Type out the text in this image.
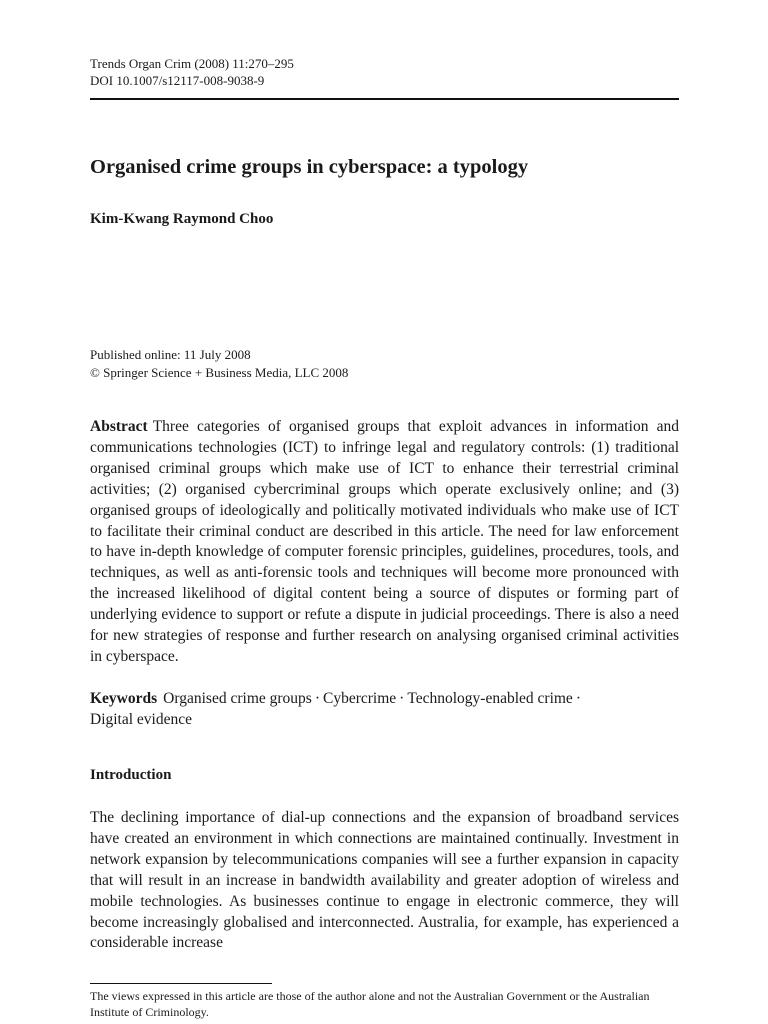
Trends Organ Crim (2008) 11:270–295
DOI 10.1007/s12117-008-9038-9
Organised crime groups in cyberspace: a typology
Kim-Kwang Raymond Choo
Published online: 11 July 2008
© Springer Science + Business Media, LLC 2008

Abstract Three categories of organised groups that exploit advances in information and communications technologies (ICT) to infringe legal and regulatory controls: (1) traditional organised criminal groups which make use of ICT to enhance their terrestrial criminal activities; (2) organised cybercriminal groups which operate exclusively online; and (3) organised groups of ideologically and politically motivated individuals who make use of ICT to facilitate their criminal conduct are described in this article. The need for law enforcement to have in-depth knowledge of computer forensic principles, guidelines, procedures, tools, and techniques, as well as anti-forensic tools and techniques will become more pronounced with the increased likelihood of digital content being a source of disputes or forming part of underlying evidence to support or refute a dispute in judicial proceedings. There is also a need for new strategies of response and further research on analysing organised criminal activities in cyberspace.

Keywords Organised crime groups · Cybercrime · Technology-enabled crime ·
Digital evidence

Introduction

The declining importance of dial-up connections and the expansion of broadband services have created an environment in which connections are maintained continually. Investment in network expansion by telecommunications companies will see a further expansion in capacity that will result in an increase in bandwidth availability and greater adoption of wireless and mobile technologies. As businesses continue to engage in electronic commerce, they will become increasingly globalised and interconnected. Australia, for example, has experienced a considerable increase

The views expressed in this article are those of the author alone and not the Australian Government or the Australian Institute of Criminology.
